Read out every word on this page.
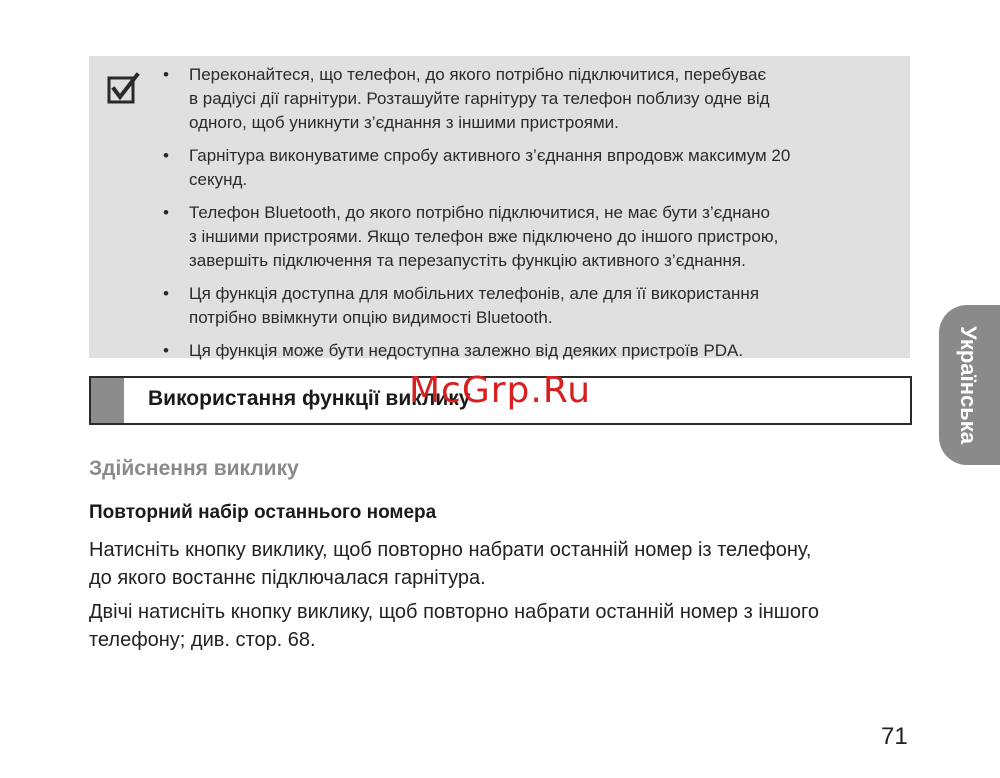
• Переконайтеся, що телефон, до якого потрібно підключитися, перебуває
в радіусі дії гарнітури. Розташуйте гарнітуру та телефон поблизу одне від
одного, щоб уникнути з’єднання з іншими пристроями.
• Гарнітура виконуватиме спробу активного з’єднання впродовж максимум 20
секунд.
• Телефон Bluetooth, до якого потрібно підключитися, не має бути з’єднано
з іншими пристроями. Якщо телефон вже підключено до іншого пристрою,
завершіть підключення та перезапустіть функцію активного з’єднання.
• Ця функція доступна для мобільних телефонів, але для її використання
потрібно ввімкнути опцію видимості Bluetooth.
• Ця функція може бути недоступна залежно від деяких пристроїв PDA.
Використання функції виклику
McGrp.Ru
Здійснення виклику
Повторний набір останнього номера
Натисніть кнопку виклику, щоб повторно набрати останній номер із телефону,
до якого востаннє підключалася гарнітура.
Двічі натисніть кнопку виклику, щоб повторно набрати останній номер з іншого
телефону; див. стор. 68.
Українська
71
